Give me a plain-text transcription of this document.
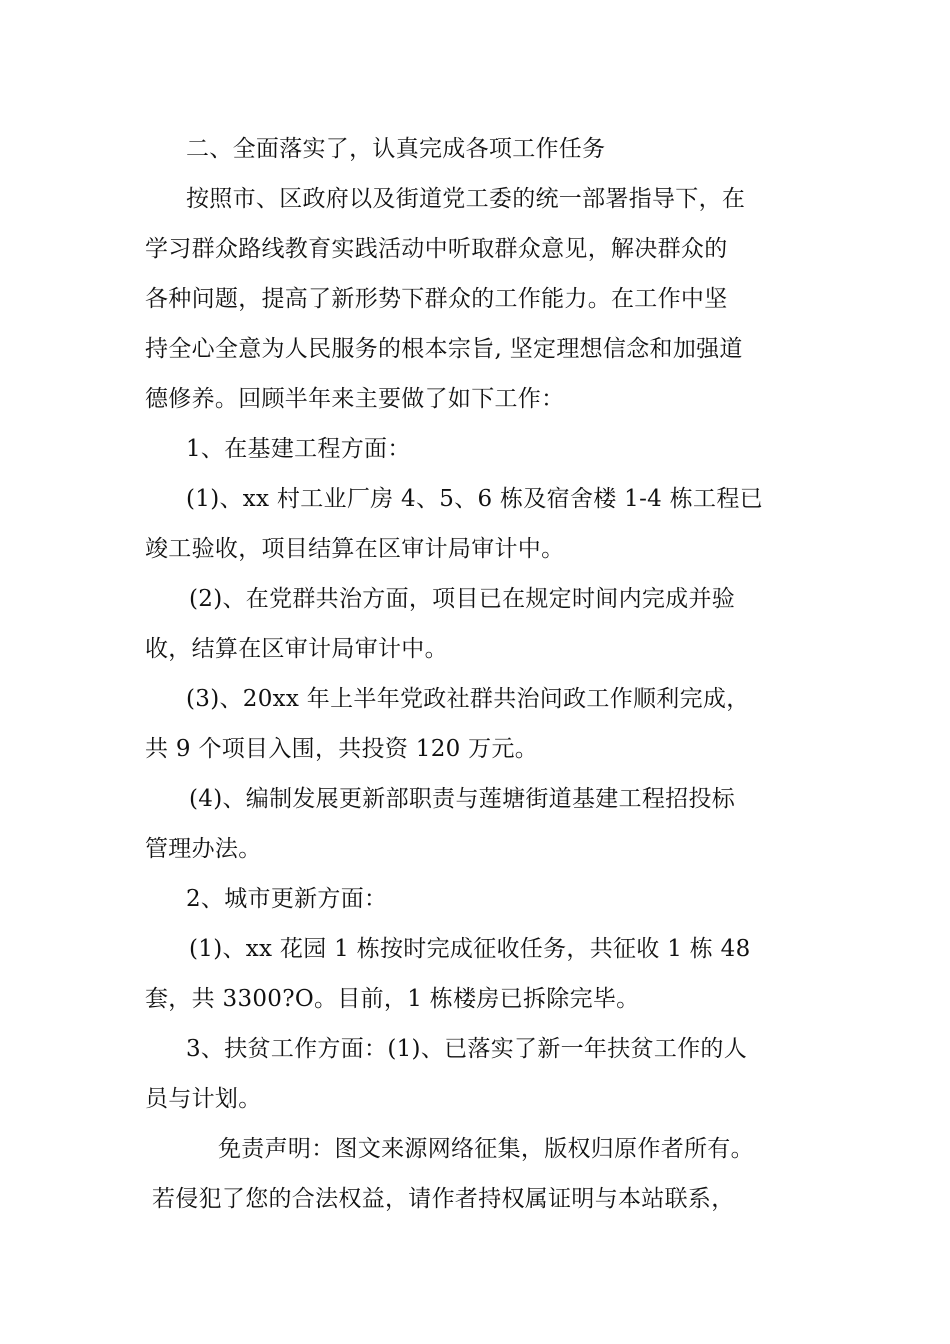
二、全面落实了，认真完成各项工作任务
按照市、区政府以及街道党工委的统一部署指导下，在
学习群众路线教育实践活动中听取群众意见，解决群众的
各种问题，提高了新形势下群众的工作能力。在工作中坚
持全心全意为人民服务的根本宗旨, 坚定理想信念和加强道
德修养。回顾半年来主要做了如下工作：
1、在基建工程方面：
(1)、xx 村工业厂房 4、5、6 栋及宿舍楼 1-4 栋工程已
竣工验收，项目结算在区审计局审计中。
(2)、在党群共治方面，项目已在规定时间内完成并验
收，结算在区审计局审计中。
(3)、20xx 年上半年党政社群共治问政工作顺利完成，
共 9 个项目入围，共投资 120 万元。
(4)、编制发展更新部职责与莲塘街道基建工程招投标
管理办法。
2、城市更新方面：
(1)、xx 花园 1 栋按时完成征收任务，共征收 1 栋 48
套，共 3300?O。目前，1 栋楼房已拆除完毕。
3、扶贫工作方面：(1)、已落实了新一年扶贫工作的人
员与计划。
免责声明：图文来源网络征集，版权归原作者所有。
若侵犯了您的合法权益，请作者持权属证明与本站联系，
